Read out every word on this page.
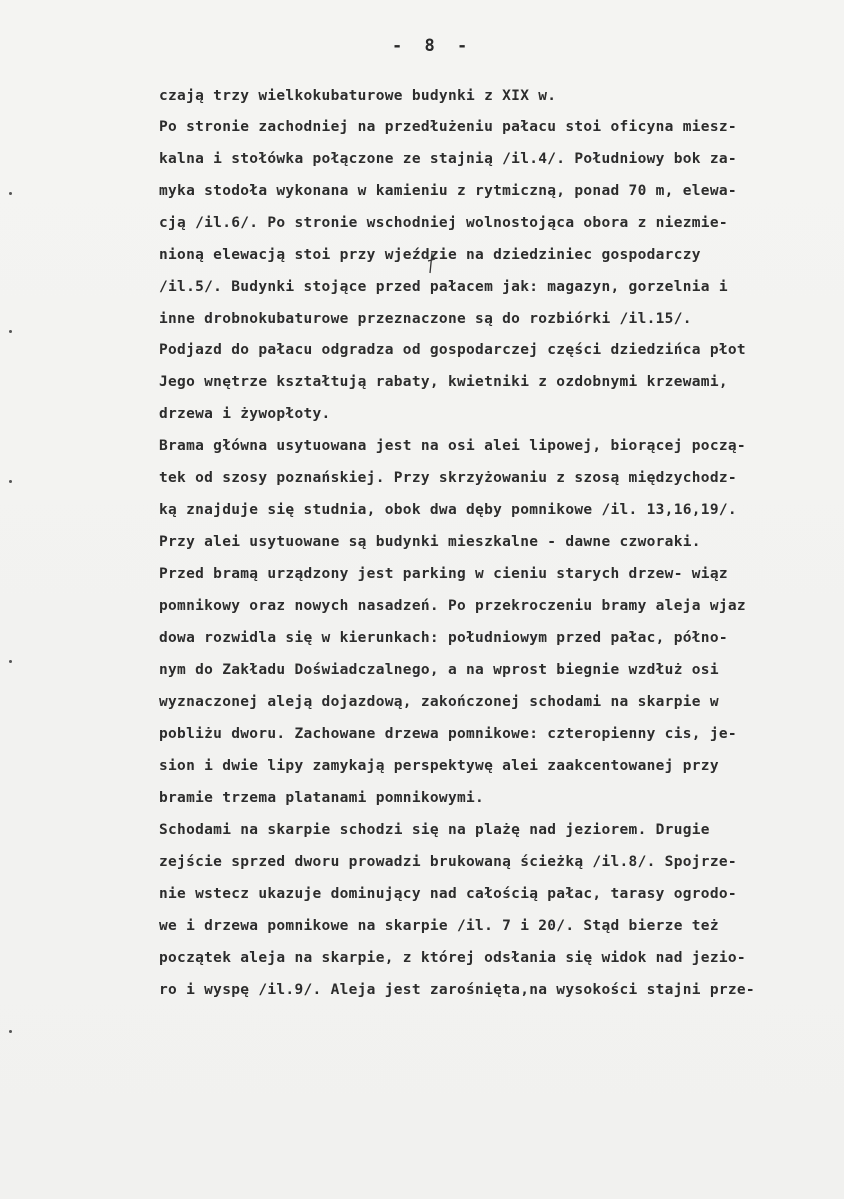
- 8 -
czają trzy wielkokubaturowe budynki z XIX w.
Po stronie zachodniej na przedłużeniu pałacu stoi oficyna miesz-
kalna i stołówka połączone ze stajnią /il.4/. Południowy bok za-
myka stodoła wykonana w kamieniu z rytmiczną, ponad 70 m, elewa-
cją /il.6/. Po stronie wschodniej wolnostojąca obora z niezmie-
nioną elewacją stoi przy wjeździe na dziedziniec gospodarczy
/il.5/. Budynki stojące przed pałacem jak: magazyn, gorzelnia i
inne drobnokubaturowe przeznaczone są do rozbiórki /il.15/.
Podjazd do pałacu odgradza od gospodarczej części dziedzińca płot
Jego wnętrze kształtują rabaty, kwietniki z ozdobnymi krzewami,
drzewa i żywopłoty.
Brama główna usytuowana jest na osi alei lipowej, biorącej począ-
tek od szosy poznańskiej. Przy skrzyżowaniu z szosą międzychodz-
ką znajduje się studnia, obok dwa dęby pomnikowe /il. 13,16,19/.
Przy alei usytuowane są budynki mieszkalne - dawne czworaki.
Przed bramą urządzony jest parking w cieniu starych drzew- wiąz
pomnikowy oraz nowych nasadzeń. Po przekroczeniu bramy aleja wjaz
dowa rozwidla się w kierunkach: południowym przed pałac, półno-
nym do Zakładu Doświadczalnego, a na wprost biegnie wzdłuż osi
wyznaczonej aleją dojazdową, zakończonej schodami na skarpie w
pobliżu dworu. Zachowane drzewa pomnikowe: czteropienny cis, je-
sion i dwie lipy zamykają perspektywę alei zaakcentowanej przy
bramie trzema platanami pomnikowymi.
Schodami na skarpie schodzi się na plażę nad jeziorem. Drugie
zejście sprzed dworu prowadzi brukowaną ścieżką /il.8/. Spojrze-
nie wstecz ukazuje dominujący nad całością pałac, tarasy ogrodo-
we i drzewa pomnikowe na skarpie /il. 7 i 20/. Stąd bierze też
początek aleja na skarpie, z której odsłania się widok nad jezio-
ro i wyspę /il.9/. Aleja jest zarośnięta,na wysokości stajni prze-
